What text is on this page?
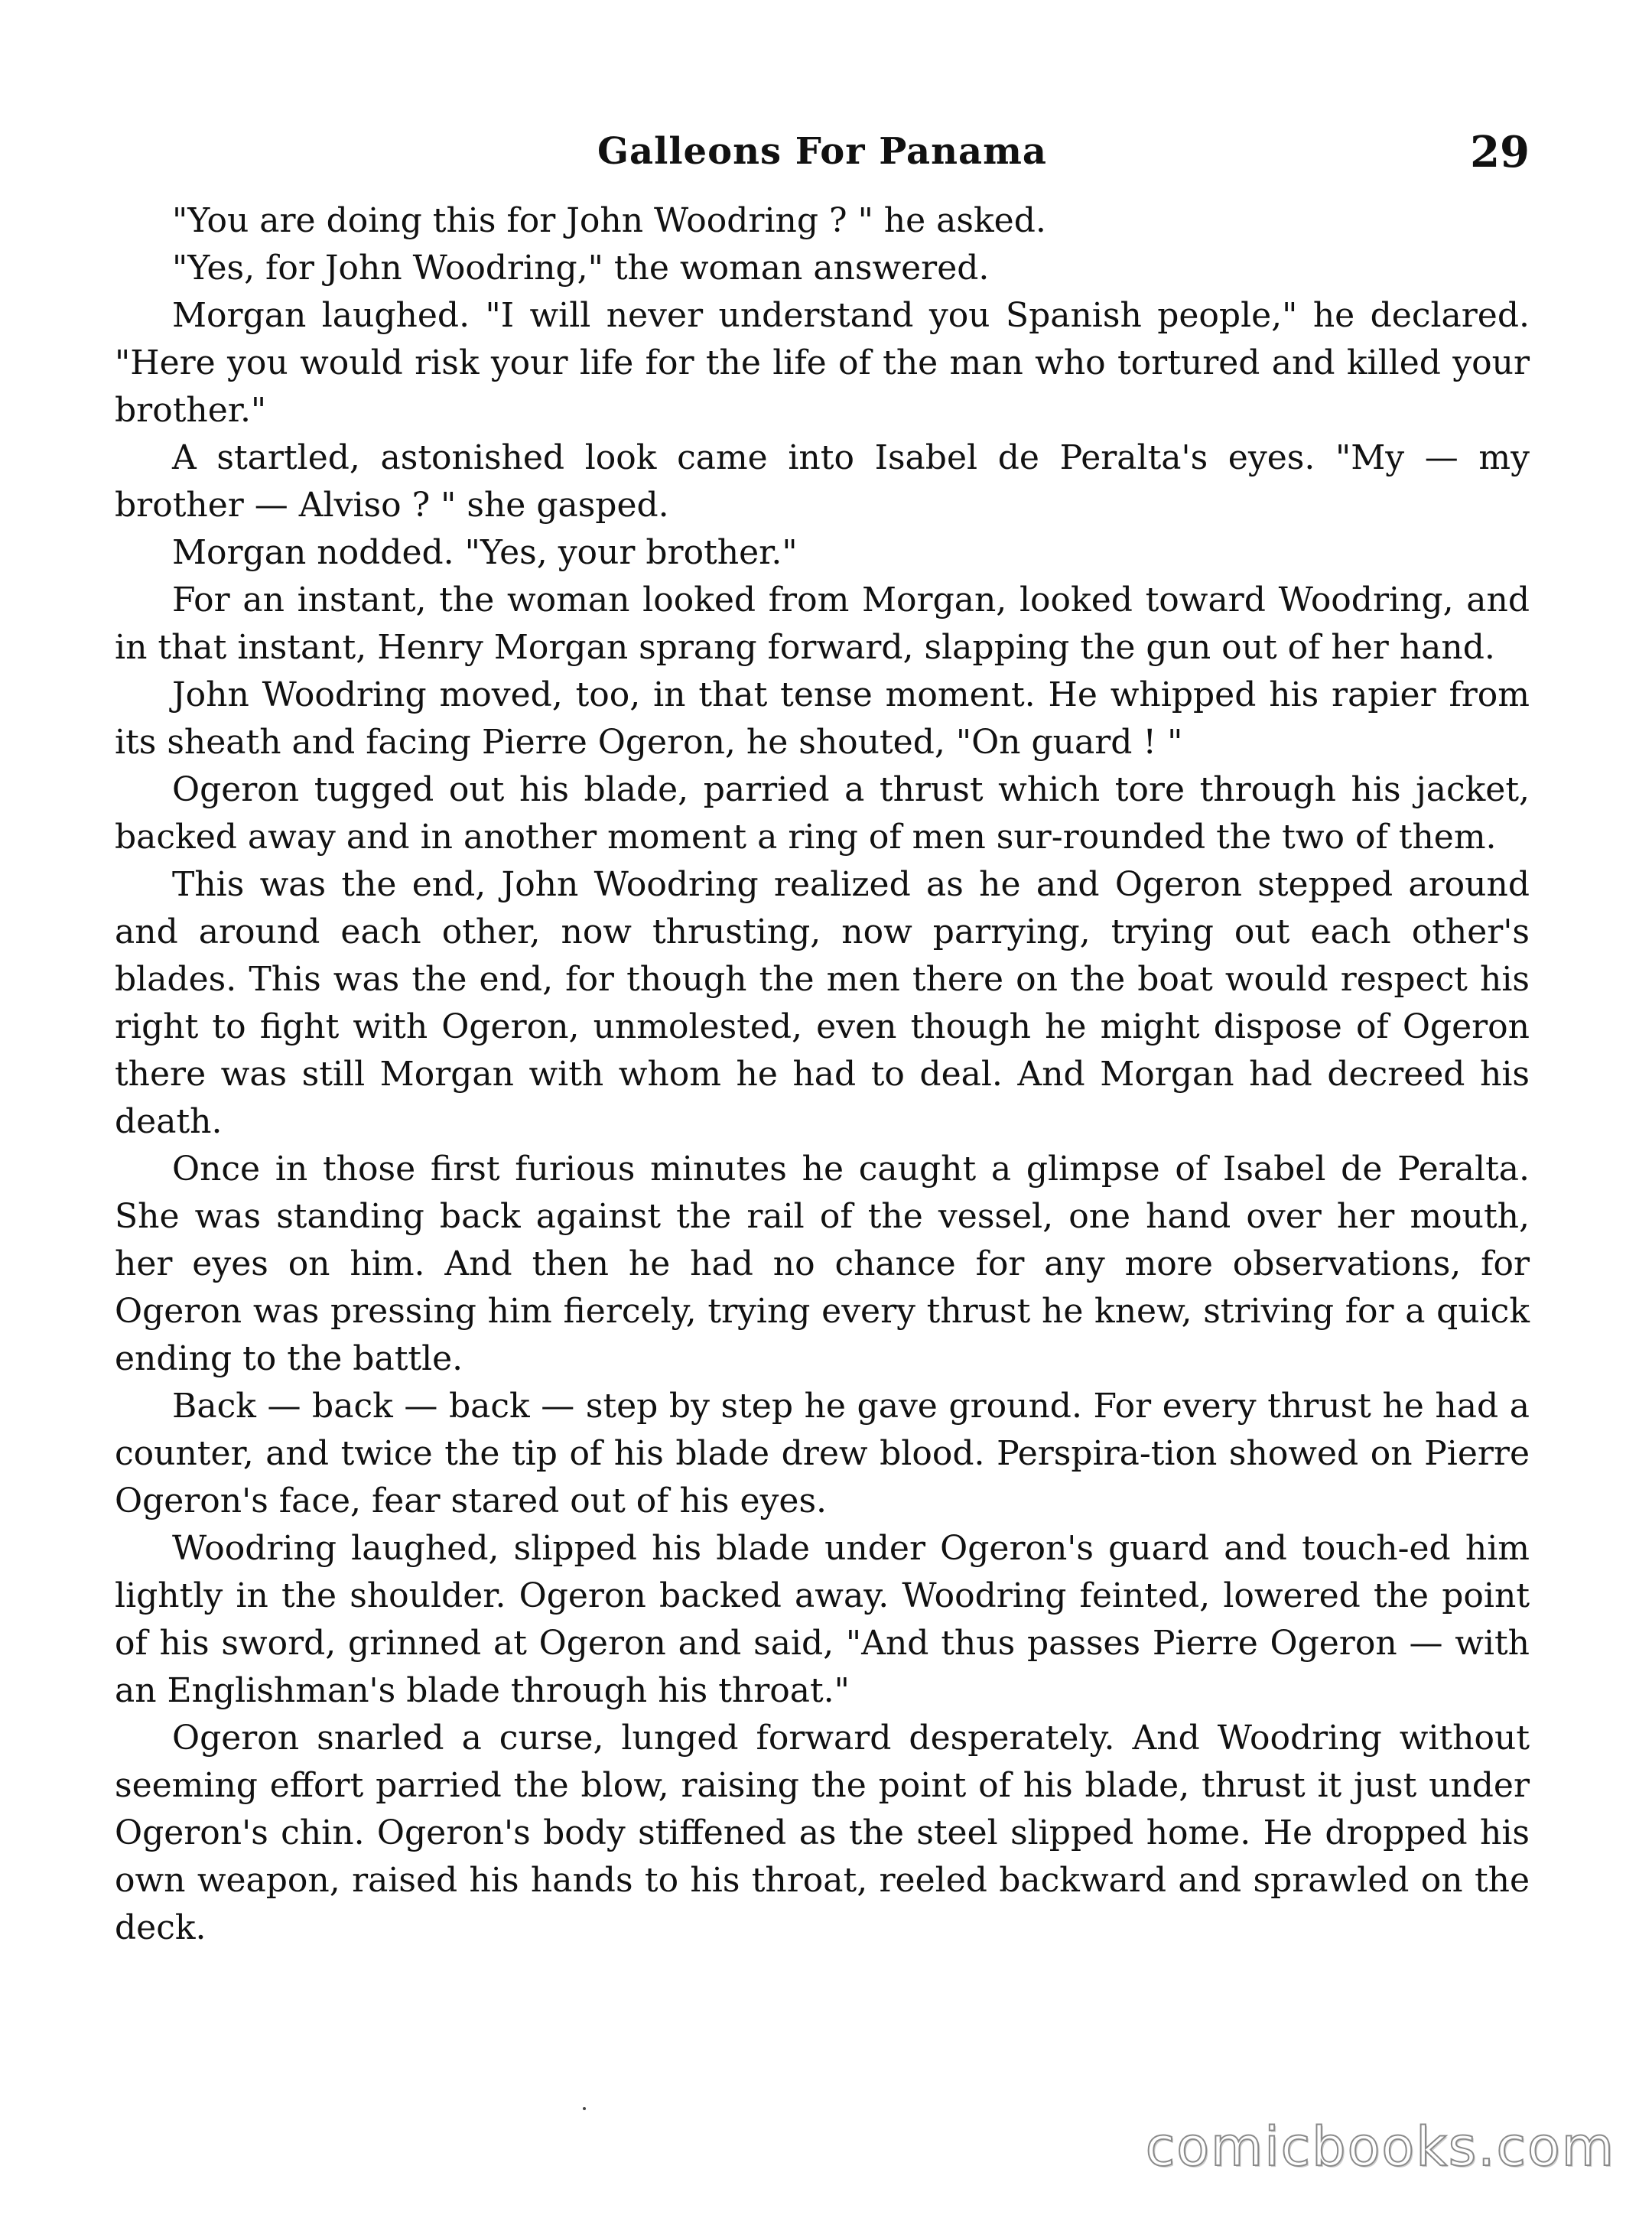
Galleons For Panama	29

"You are doing this for John Woodring ? " he asked.

"Yes, for John Woodring," the woman answered.

Morgan laughed. "I will never understand you Spanish people," he declared. "Here you would risk your life for the life of the man who tortured and killed your brother."

A startled, astonished look came into Isabel de Peralta's eyes. "My — my brother — Alviso ? " she gasped.

Morgan nodded. "Yes, your brother."

For an instant, the woman looked from Morgan, looked toward Woodring, and in that instant, Henry Morgan sprang forward, slapping the gun out of her hand.

John Woodring moved, too, in that tense moment. He whipped his rapier from its sheath and facing Pierre Ogeron, he shouted, "On guard ! "

Ogeron tugged out his blade, parried a thrust which tore through his jacket, backed away and in another moment a ring of men sur-rounded the two of them.

This was the end, John Woodring realized as he and Ogeron stepped around and around each other, now thrusting, now parrying, trying out each other's blades. This was the end, for though the men there on the boat would respect his right to fight with Ogeron, unmolested, even though he might dispose of Ogeron there was still Morgan with whom he had to deal. And Morgan had decreed his death.

Once in those first furious minutes he caught a glimpse of Isabel de Peralta. She was standing back against the rail of the vessel, one hand over her mouth, her eyes on him. And then he had no chance for any more observations, for Ogeron was pressing him fiercely, trying every thrust he knew, striving for a quick ending to the battle.

Back — back — back — step by step he gave ground. For every thrust he had a counter, and twice the tip of his blade drew blood. Perspira-tion showed on Pierre Ogeron's face, fear stared out of his eyes.

Woodring laughed, slipped his blade under Ogeron's guard and touch-ed him lightly in the shoulder. Ogeron backed away. Woodring feinted, lowered the point of his sword, grinned at Ogeron and said, "And thus passes Pierre Ogeron — with an Englishman's blade through his throat."

Ogeron snarled a curse, lunged forward desperately. And Woodring without seeming effort parried the blow, raising the point of his blade, thrust it just under Ogeron's chin. Ogeron's body stiffened as the steel slipped home. He dropped his own weapon, raised his hands to his throat, reeled backward and sprawled on the deck.

comicbooks.com
